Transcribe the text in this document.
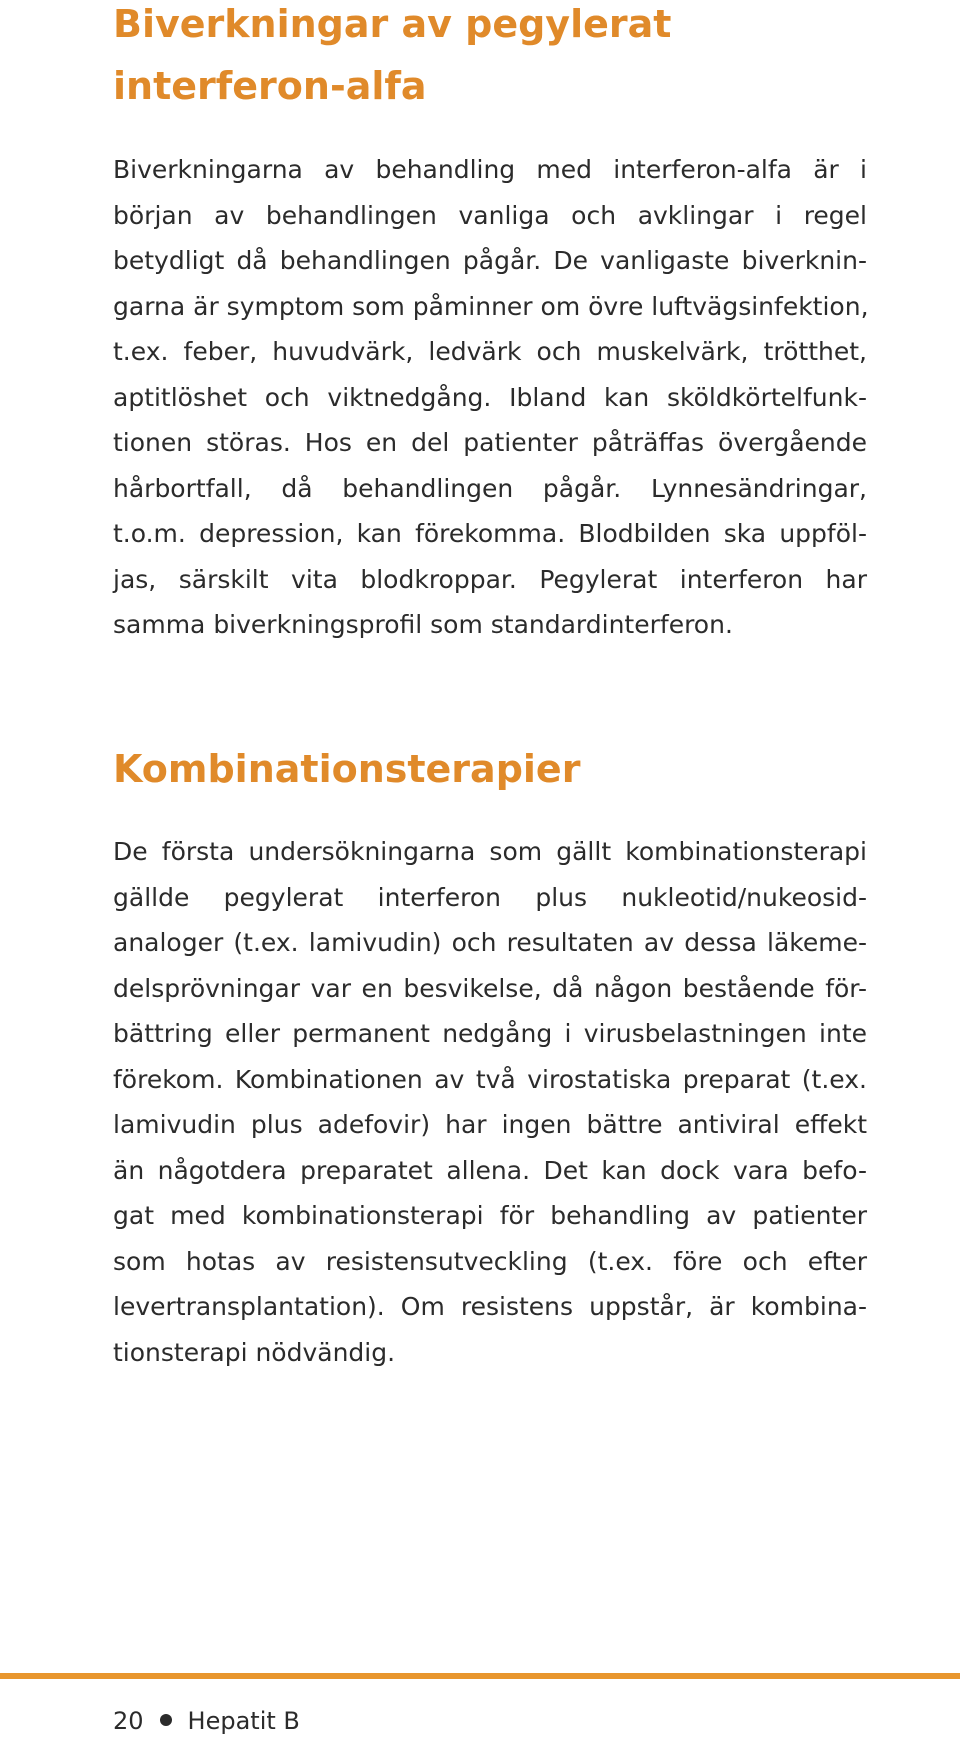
Biverkningar av pegylerat
interferon-alfa
Biverkningarna av behandling med interferon-alfa är i
början av behandlingen vanliga och avklingar i regel
betydligt då behandlingen pågår. De vanligaste biverknin-
garna är symptom som påminner om övre luftvägsinfektion,
t.ex. feber, huvudvärk, ledvärk och muskelvärk, trötthet,
aptitlöshet och viktnedgång. Ibland kan sköldkörtelfunk-
tionen störas. Hos en del patienter påträffas övergående
hårbortfall, då behandlingen pågår. Lynnesändringar,
t.o.m. depression, kan förekomma. Blodbilden ska uppföl-
jas, särskilt vita blodkroppar. Pegylerat interferon har
samma biverkningsprofil som standardinterferon.
Kombinationsterapier
De första undersökningarna som gällt kombinationsterapi
gällde pegylerat interferon plus nukleotid/nukeosid-
analoger (t.ex. lamivudin) och resultaten av dessa läkeme-
delsprövningar var en besvikelse, då någon bestående för-
bättring eller permanent nedgång i virusbelastningen inte
förekom. Kombinationen av två virostatiska preparat (t.ex.
lamivudin plus adefovir) har ingen bättre antiviral effekt
än någotdera preparatet allena. Det kan dock vara befo-
gat med kombinationsterapi för behandling av patienter
som hotas av resistensutveckling (t.ex. före och efter
levertransplantation). Om resistens uppstår, är kombina-
tionsterapi nödvändig.
20 Hepatit B
